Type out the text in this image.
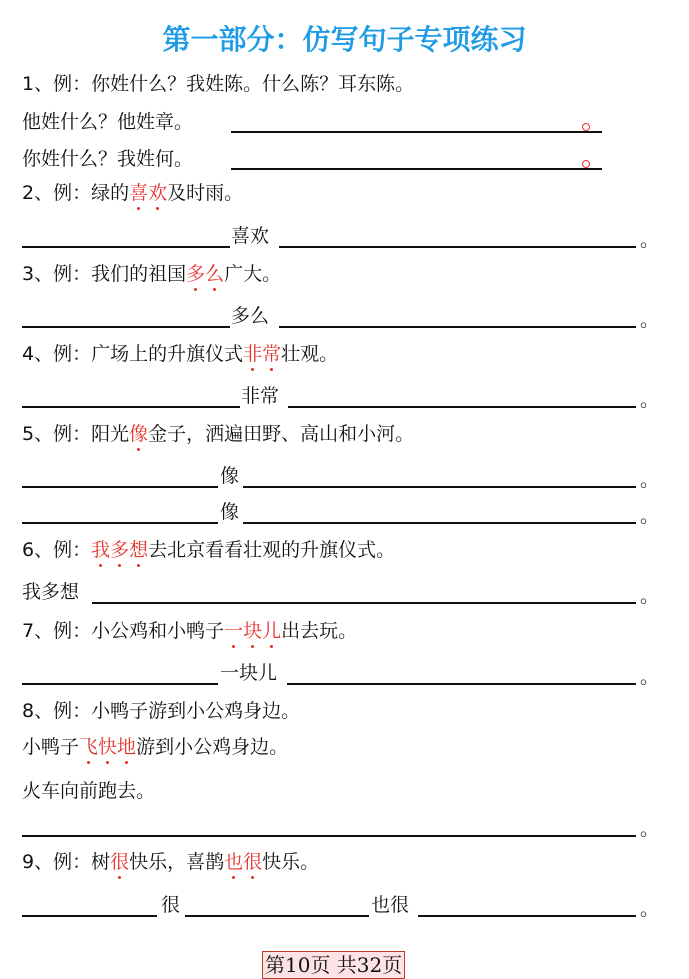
第一部分：仿写句子专项练习
1、例：你姓什么？我姓陈。什么陈？耳东陈。
他姓什么？他姓章。
你姓什么？我姓何。
2、例：绿的喜欢及时雨。
喜欢	。
3、例：我们的祖国多么广大。
多么	。
4、例：广场上的升旗仪式非常壮观。
非常	。
5、例：阳光像金子，洒遍田野、高山和小河。
像	。
像	。
6、例：我多想去北京看看壮观的升旗仪式。
我多想	。
7、例：小公鸡和小鸭子一块儿出去玩。
一块儿	。
8、例：小鸭子游到小公鸡身边。
小鸭子飞快地游到小公鸡身边。
火车向前跑去。
。
9、例：树很快乐，喜鹊也很快乐。
很	也很	。
第10页 共32页
